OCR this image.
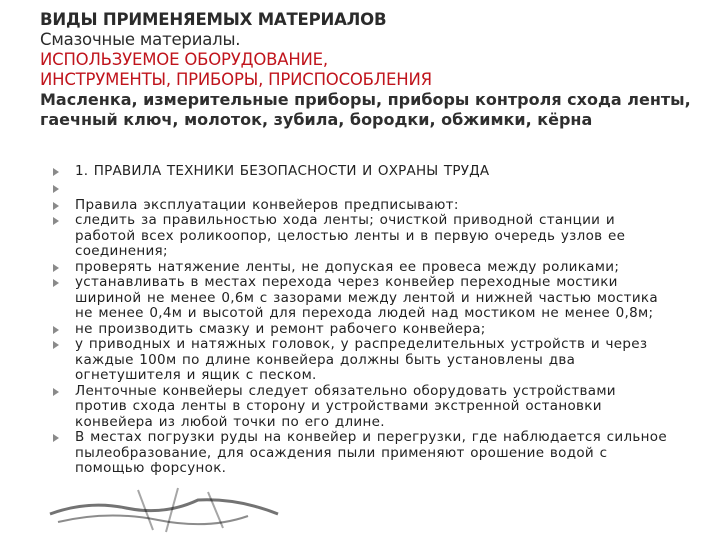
ВИДЫ ПРИМЕНЯЕМЫХ МАТЕРИАЛОВ
Смазочные материалы.
ИСПОЛЬЗУЕМОЕ ОБОРУДОВАНИЕ,
ИНСТРУМЕНТЫ, ПРИБОРЫ, ПРИСПОСОБЛЕНИЯ
Масленка, измерительные приборы, приборы контроля схода ленты,
гаечный ключ, молоток, зубила, бородки, обжимки, кёрна
1. ПРАВИЛА ТЕХНИКИ БЕЗОПАСНОСТИ И ОХРАНЫ ТРУДА
Правила эксплуатации конвейеров предписывают:
следить за правильностью хода ленты; очисткой приводной станции и работой всех роликоопор, целостью ленты и в первую очередь узлов ее соединения;
проверять натяжение ленты, не допуская ее провеса между роликами;
устанавливать в местах перехода через конвейер переходные мостики шириной не менее 0,6м с зазорами между лентой и нижней частью мостика не менее 0,4м и высотой для перехода людей над мостиком не менее 0,8м;
не производить смазку и ремонт рабочего конвейера;
у приводных и натяжных головок, у распределительных устройств и через каждые 100м по длине конвейера должны быть установлены два огнетушителя и ящик с песком.
Ленточные конвейеры следует обязательно оборудовать устройствами против схода ленты в сторону и устройствами экстренной остановки конвейера из любой точки по его длине.
В местах погрузки руды на конвейер и перегрузки, где наблюдается сильное пылеобразование, для осаждения пыли применяют орошение водой с помощью форсунок.
